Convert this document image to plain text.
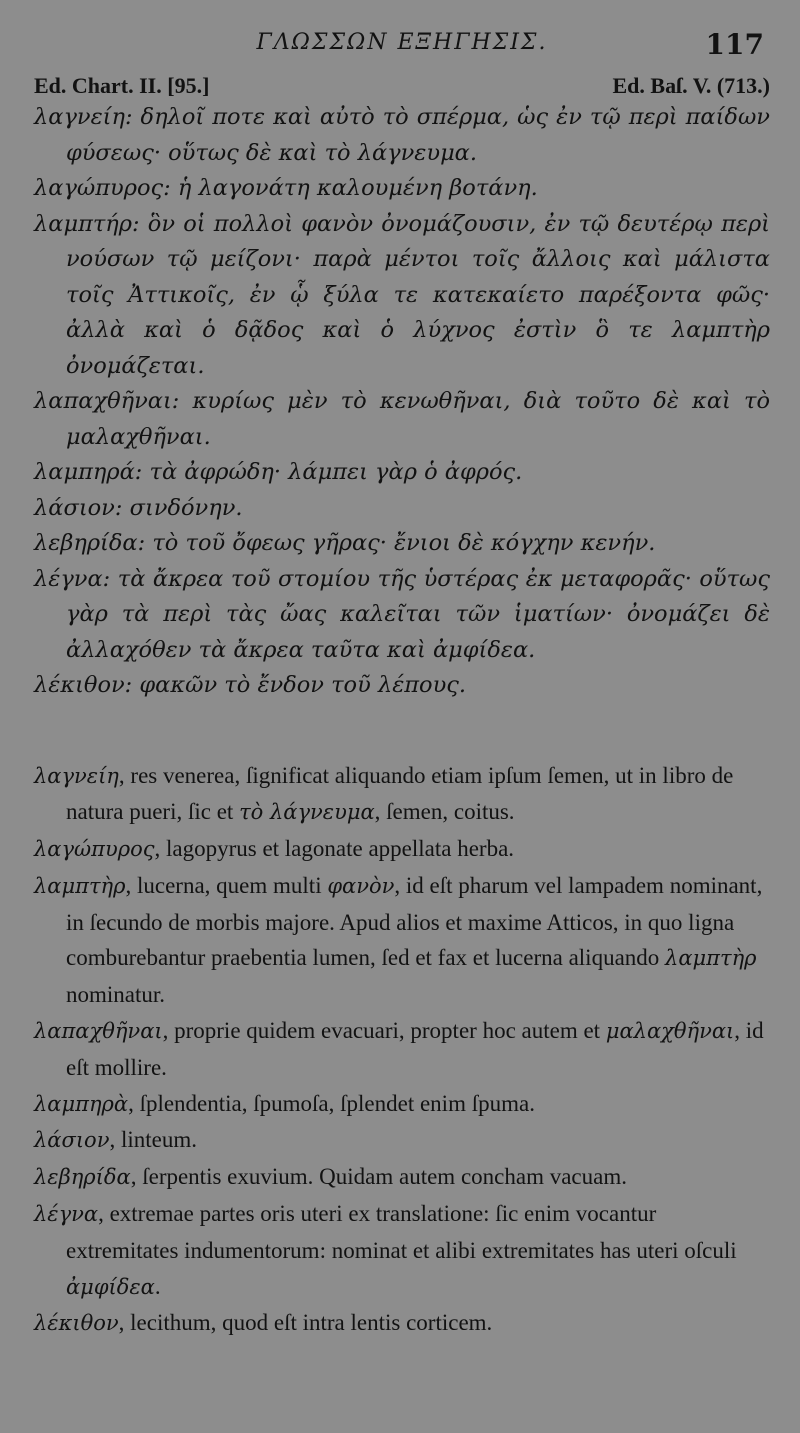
ΓΛΩΣΣΩΝ ΕΞΗΓΗΣΙΣ.	117
Ed. Chart. II. [95.]	Ed. Baſ. V. (713.)
λαγνείη: δηλοῖ ποτε καὶ αὐτὸ τὸ σπέρμα, ὡς ἐν τῷ περὶ παίδων φύσεως· οὕτως δὲ καὶ τὸ λάγνευμα.
λαγώπυρος: ἡ λαγονάτη καλουμένη βοτάνη.
λαμπτήρ: ὃν οἱ πολλοὶ φανὸν ὀνομάζουσιν, ἐν τῷ δευτέρῳ περὶ νούσων τῷ μείζονι· παρὰ μέντοι τοῖς ἄλλοις καὶ μάλιστα τοῖς Ἀττικοῖς, ἐν ᾧ ξύλα τε κατεκαίετο παρέξοντα φῶς· ἀλλὰ καὶ ὁ δᾷδος καὶ ὁ λύχνος ἐστὶν ὃ τε λαμπτὴρ ὀνομάζεται.
λαπαχθῆναι: κυρίως μὲν τὸ κενωθῆναι, διὰ τοῦτο δὲ καὶ τὸ μαλαχθῆναι.
λαμπηρά: τὰ ἀφρώδη· λάμπει γὰρ ὁ ἀφρός.
λάσιον: σινδόνην.
λεβηρίδα: τὸ τοῦ ὄφεως γῆρας· ἔνιοι δὲ κόγχην κενήν.
λέγνα: τὰ ἄκρεα τοῦ στομίου τῆς ὑστέρας ἐκ μεταφορᾶς· οὕτως γὰρ τὰ περὶ τὰς ὤας καλεῖται τῶν ἱματίων· ὀνομάζει δὲ ἀλλαχόθεν τὰ ἄκρεα ταῦτα καὶ ἀμφίδεα.
λέκιθον: φακῶν τὸ ἔνδον τοῦ λέπους.
λαγνείη, res venerea, ſignificat aliquando etiam ipſum ſemen, ut in libro de natura pueri, ſic et τὸ λάγνευμα, ſemen, coitus.
λαγώπυρος, lagopyrus et lagonate appellata herba.
λαμπτὴρ, lucerna, quem multi φανὸν, id eſt pharum vel lampadem nominant, in ſecundo de morbis majore. Apud alios et maxime Atticos, in quo ligna comburebantur praebentia lumen, ſed et fax et lucerna aliquando λαμπτὴρ nominatur.
λαπαχθῆναι, proprie quidem evacuari, propter hoc autem et μαλαχθῆναι, id eſt mollire.
λαμπηρὰ, ſplendentia, ſpumoſa, ſplendet enim ſpuma.
λάσιον, linteum.
λεβηρίδα, ſerpentis exuvium. Quidam autem concham vacuam.
λέγνα, extremae partes oris uteri ex translatione: ſic enim vocantur extremitates indumentorum: nominat et alibi extremitates has uteri oſculi ἀμφίδεα.
λέκιθον, lecithum, quod eſt intra lentis corticem.
